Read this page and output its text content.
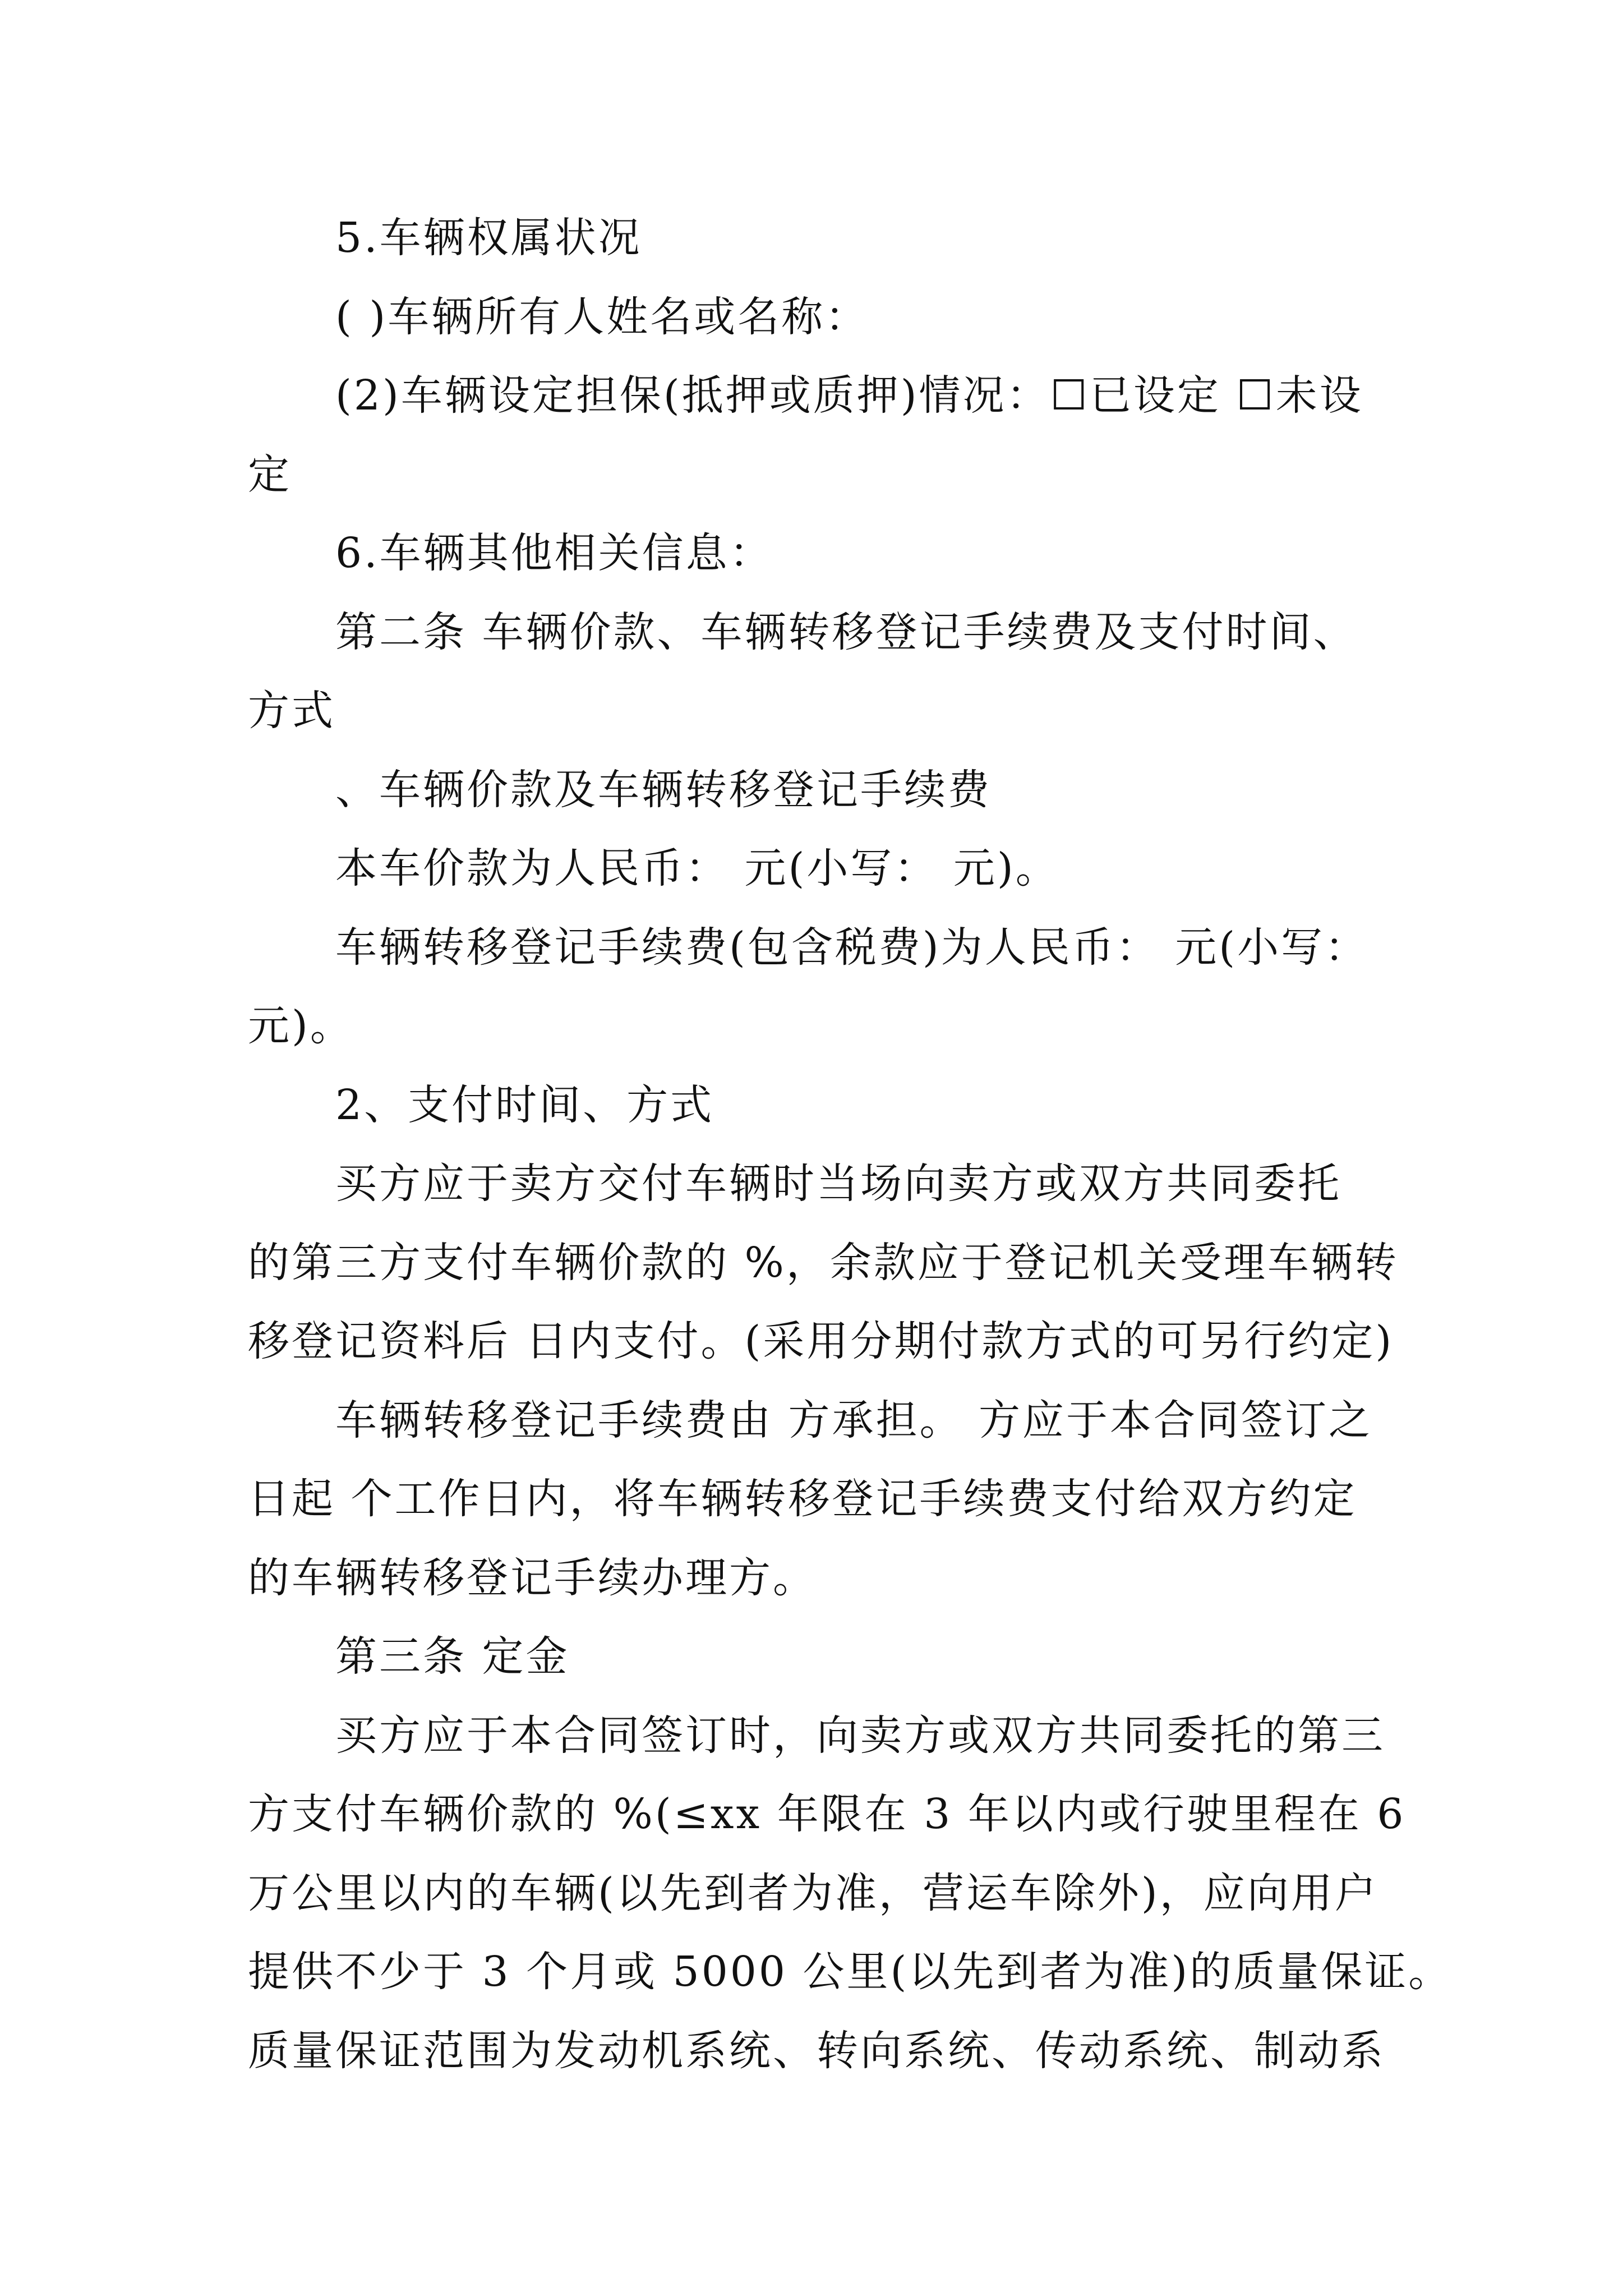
5.车辆权属状况
( )车辆所有人姓名或名称：
(2)车辆设定担保(抵押或质押)情况：☐已设定 ☐未设
定
6.车辆其他相关信息：
第二条 车辆价款、车辆转移登记手续费及支付时间、
方式
、车辆价款及车辆转移登记手续费
本车价款为人民币： 元(小写： 元)。
车辆转移登记手续费(包含税费)为人民币： 元(小写：
元)。
2、支付时间、方式
买方应于卖方交付车辆时当场向卖方或双方共同委托
的第三方支付车辆价款的 %，余款应于登记机关受理车辆转
移登记资料后 日内支付。(采用分期付款方式的可另行约定)
车辆转移登记手续费由 方承担。 方应于本合同签订之
日起 个工作日内，将车辆转移登记手续费支付给双方约定
的车辆转移登记手续办理方。
第三条 定金
买方应于本合同签订时，向卖方或双方共同委托的第三
方支付车辆价款的 %(≤xx 年限在 3 年以内或行驶里程在 6
万公里以内的车辆(以先到者为准，营运车除外)，应向用户
提供不少于 3 个月或 5000 公里(以先到者为准)的质量保证。
质量保证范围为发动机系统、转向系统、传动系统、制动系
